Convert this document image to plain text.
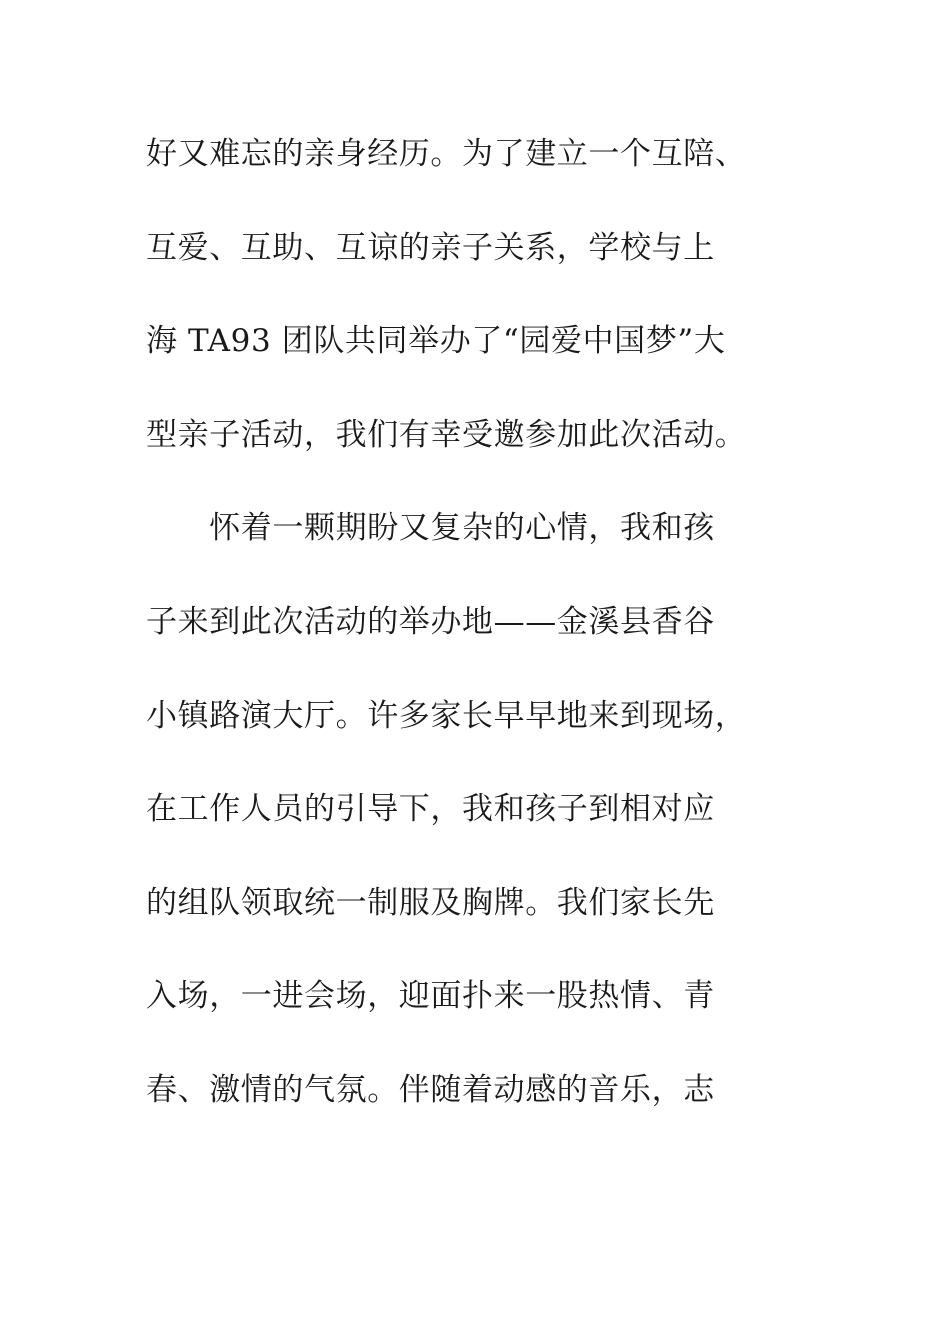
好又难忘的亲身经历。为了建立一个互陪、
互爱、互助、互谅的亲子关系，学校与上
海 TA93 团队共同举办了“园爱中国梦”大
型亲子活动，我们有幸受邀参加此次活动。
　　怀着一颗期盼又复杂的心情，我和孩
子来到此次活动的举办地——金溪县香谷
小镇路演大厅。许多家长早早地来到现场，
在工作人员的引导下，我和孩子到相对应
的组队领取统一制服及胸牌。我们家长先
入场，一进会场，迎面扑来一股热情、青
春、激情的气氛。伴随着动感的音乐，志
